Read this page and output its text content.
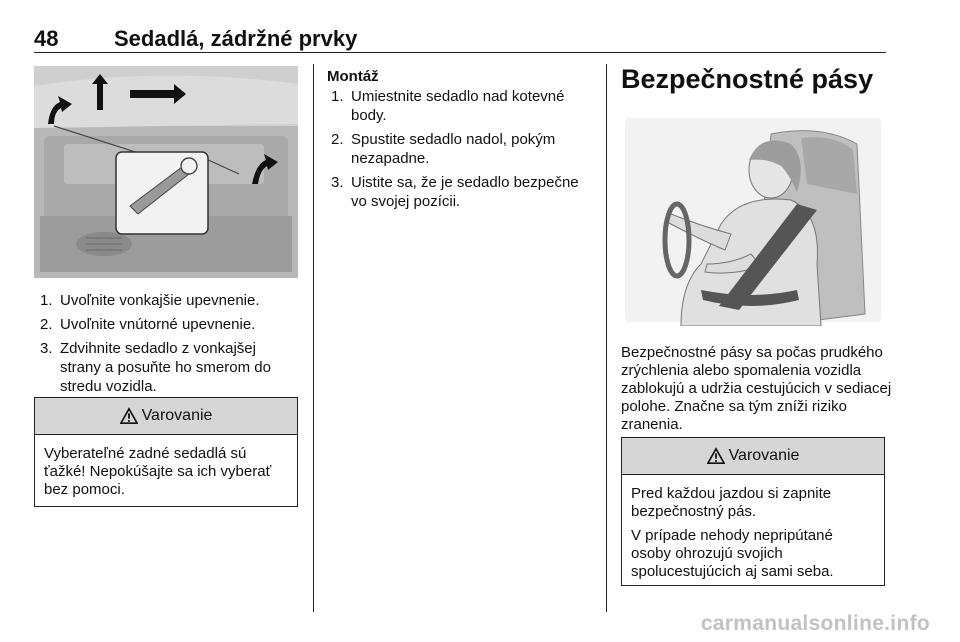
48	Sedadlá, zádržné prvky
1. Uvoľnite vonkajšie upevnenie.
2. Uvoľnite vnútorné upevnenie.
3. Zdvihnite sedadlo z vonkajšej strany a posuňte ho smerom do stredu vozidla.
Varovanie

Vyberateľné zadné sedadlá sú ťažké! Nepokúšajte sa ich vyberať bez pomoci.

Montáž
1. Umiestnite sedadlo nad kotevné body.
2. Spustite sedadlo nadol, pokým nezapadne.
3. Uistite sa, že je sedadlo bezpečne vo svojej pozícii.
Bezpečnostné pásy

Bezpečnostné pásy sa počas prudkého zrýchlenia alebo spomalenia vozidla zablokujú a udržia cestujúcich v sediacej polohe. Značne sa tým zníži riziko zranenia.

Varovanie

Pred každou jazdou si zapnite bezpečnostný pás.

V prípade nehody nepripútané osoby ohrozujú svojich spolucestujúcich aj sami seba.

carmanualsonline.info
